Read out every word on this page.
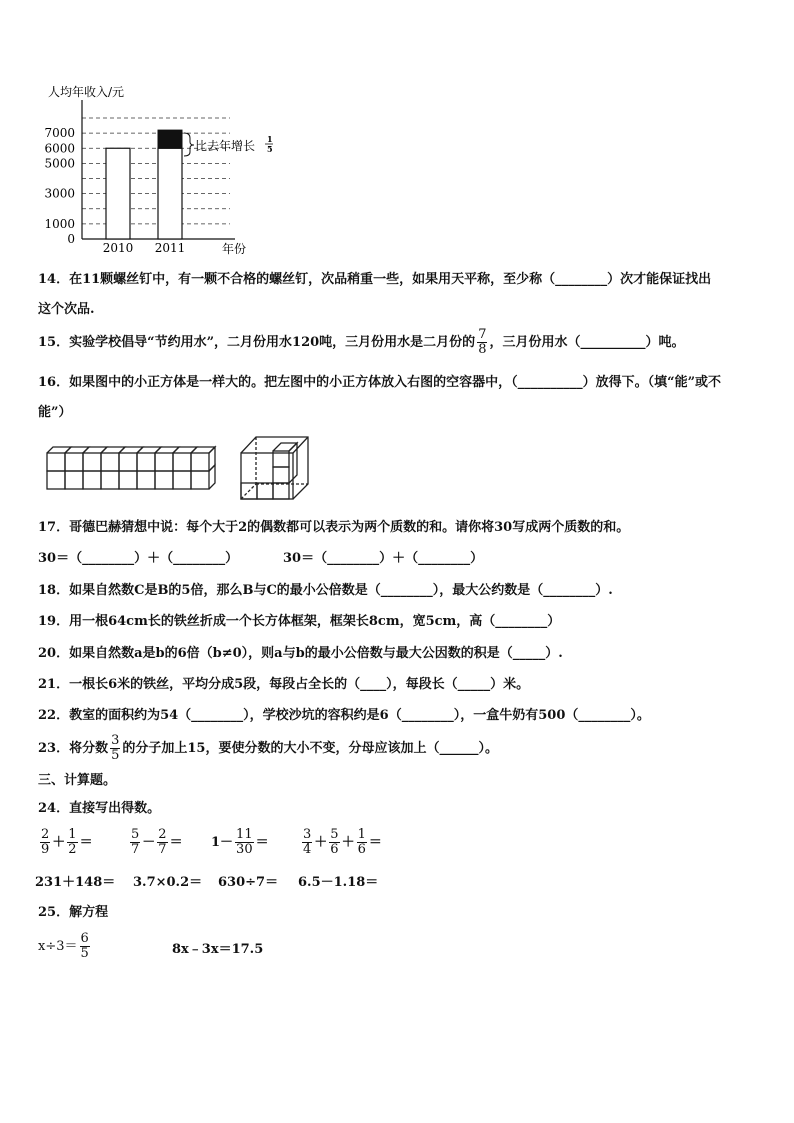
人均年收入/元
0
1000
3000
5000
6000
7000
2010 2011	年份
比去年增长 1
5
14．在11颗螺丝钉中，有一颗不合格的螺丝钉，次品稍重一些，如果用天平称，至少称（________）次才能保证找出
这个次品.
15．实验学校倡导“节约用水”，二月份用水120吨，三月份用水是二月份的 $\frac{7}{8}$ ，三月份用水（__________）吨。
16．如果图中的小正方体是一样大的。把左图中的小正方体放入右图的空容器中，（__________）放得下。（填“能”或不
能”）
17．哥德巴赫猜想中说：每个大于2的偶数都可以表示为两个质数的和。请你将30写成两个质数的和。
30＝（________）＋（________）	30＝（________）＋（________）
18．如果自然数C是B的5倍，那么B与C的最小公倍数是（________），最大公约数是（________）.
19．用一根64cm长的铁丝折成一个长方体框架，框架长8cm，宽5cm，高（________）
20．如果自然数a是b的6倍（b≠0），则a与b的最小公倍数与最大公因数的积是（_____）.
21．一根长6米的铁丝，平均分成5段，每段占全长的（____），每段长（_____）米。
22．教室的面积约为54（________），学校沙坑的容积约是6（________），一盒牛奶有500（________）。
23．将分数 $\frac{3}{5}$ 的分子加上15，要使分数的大小不变，分母应该加上（______）。
三、计算题。
24．直接写出得数。
$\frac{2}{9} + \frac{1}{2}$ ＝	$\frac{5}{7} - \frac{2}{7} = 1- \frac{11}{30}$ ＝	$\frac{3}{4} + \frac{5}{6} + \frac{1}{6}$ ＝
231＋148＝ 3.7×0.2＝ 630÷7＝ 6.5－1.18＝
25．解方程
$x\div 3= \frac{6}{5}$	8x﹣3x＝17.5
